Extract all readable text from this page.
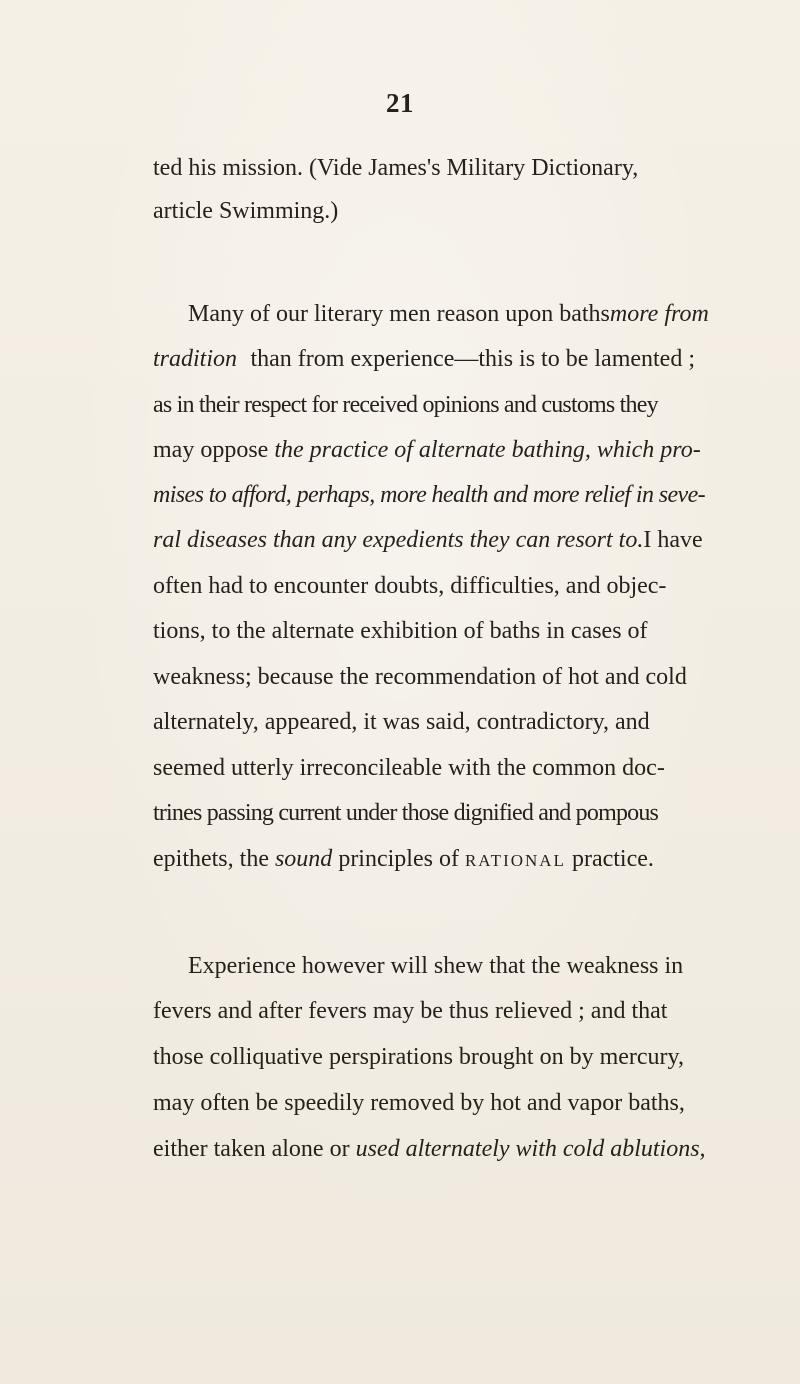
21
ted his mission. (Vide James's Military Dictionary,
article Swimming.)
Many of our literary men reason upon baths more from
tradition than from experience—this is to be lamented ;
as in their respect for received opinions and customs they
may oppose the practice of alternate bathing, which pro-
mises to afford, perhaps, more health and more relief in seve-
ral diseases than any expedients they can resort to. I have
often had to encounter doubts, difficulties, and objec-
tions, to the alternate exhibition of baths in cases of
weakness; because the recommendation of hot and cold
alternately, appeared, it was said, contradictory, and
seemed utterly irreconcileable with the common doc-
trines passing current under those dignified and pompous
epithets, the sound principles of rational practice.
Experience however will shew that the weakness in
fevers and after fevers may be thus relieved ; and that
those colliquative perspirations brought on by mercury,
may often be speedily removed by hot and vapor baths,
either taken alone or used alternately with cold ablutions,
